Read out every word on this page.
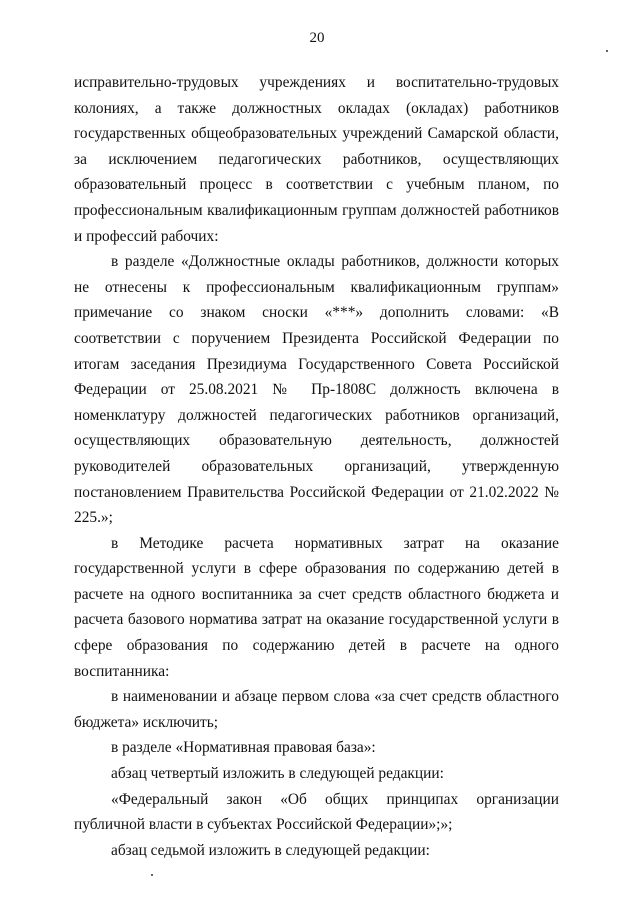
20

исправительно-трудовых учреждениях и воспитательно-трудовых колониях, а также должностных окладах (окладах) работников государственных общеобразовательных учреждений Самарской области, за исключением педагогических работников, осуществляющих образовательный процесс в соответствии с учебным планом, по профессиональным квалификационным группам должностей работников и профессий рабочих:

в разделе «Должностные оклады работников, должности которых не отнесены к профессиональным квалификационным группам» примечание со знаком сноски «***» дополнить словами: «В соответствии с поручением Президента Российской Федерации по итогам заседания Президиума Государственного Совета Российской Федерации от 25.08.2021 № Пр-1808С должность включена в номенклатуру должностей педагогических работников организаций, осуществляющих образовательную деятельность, должностей руководителей образовательных организаций, утвержденную постановлением Правительства Российской Федерации от 21.02.2022 № 225.»;

в Методике расчета нормативных затрат на оказание государственной услуги в сфере образования по содержанию детей в расчете на одного воспитанника за счет средств областного бюджета и расчета базового норматива затрат на оказание государственной услуги в сфере образования по содержанию детей в расчете на одного воспитанника:

в наименовании и абзаце первом слова «за счет средств областного бюджета» исключить;

в разделе «Нормативная правовая база»:

абзац четвертый изложить в следующей редакции:

«Федеральный закон «Об общих принципах организации публичной власти в субъектах Российской Федерации»;»;

абзац седьмой изложить в следующей редакции:
